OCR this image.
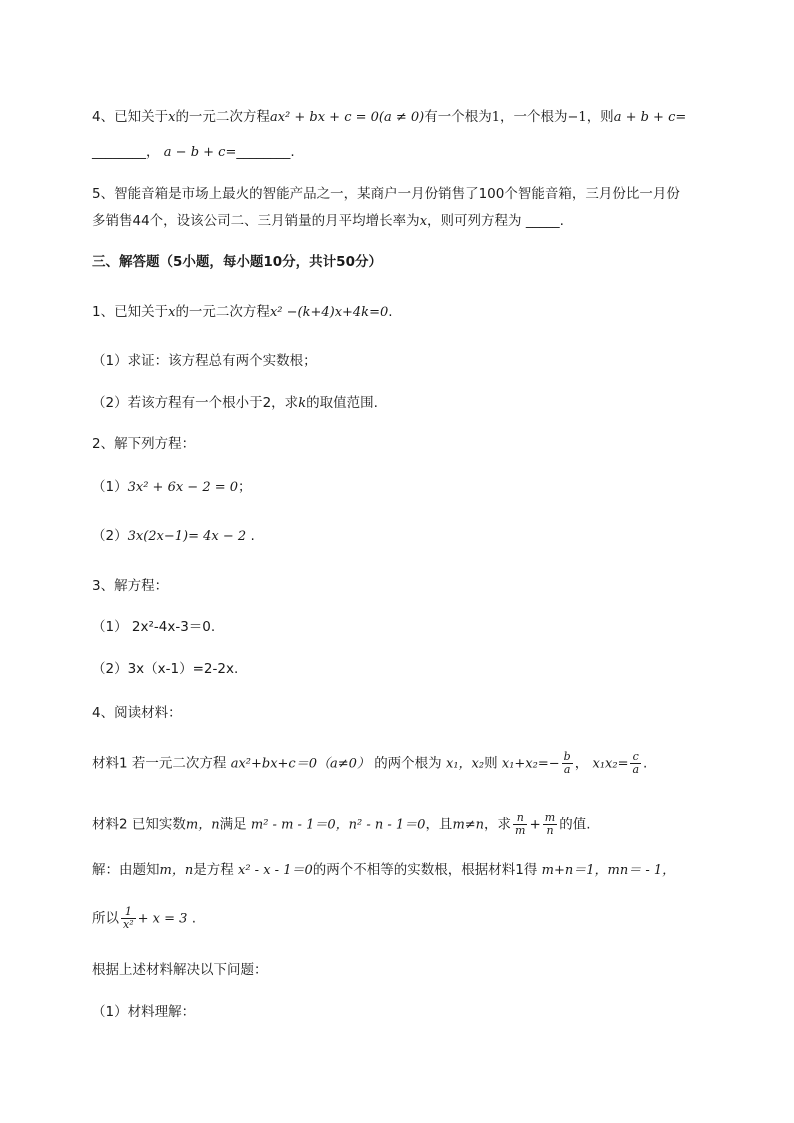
4、已知关于x的一元二次方程ax² + bx + c = 0(a ≠ 0)有一个根为1，一个根为−1，则a + b + c=
________， a − b + c=________.
5、智能音箱是市场上最火的智能产品之一，某商户一月份销售了100个智能音箱，三月份比一月份
多销售44个，设该公司二、三月销量的月平均增长率为x，则可列方程为 _____.
三、解答题（5小题，每小题10分，共计50分）
1、已知关于x的一元二次方程x² −(k+4)x+4k=0.
（1）求证：该方程总有两个实数根；
（2）若该方程有一个根小于2，求k的取值范围.
2、解下列方程：
（1）3x² + 6x − 2 = 0；
（2）3x(2x−1)= 4x − 2 .
3、解方程：
（1） 2x²-4x-3＝0.
（2）3x（x-1）=2-2x.
4、阅读材料：
材料1 若一元二次方程 ax²+bx+c＝0（a≠0） 的两个根为 x₁，x₂则 $x_1+x_2=- \frac{b}{a}$ ， $x_1x_2= \frac{c}{a}$ .
材料2 已知实数m，n满足 m² - m - 1＝0，n² - n - 1＝0，且m≠n，求 $\frac{n}{m} + \frac{m}{n}$ 的值.
解：由题知m，n是方程 x² - x - 1＝0的两个不相等的实数根，根据材料1得 m+n＝1，mn＝ - 1，
所以 $\frac{1}{\text{x²}} + x = 3$ .
根据上述材料解决以下问题：
（1）材料理解：
